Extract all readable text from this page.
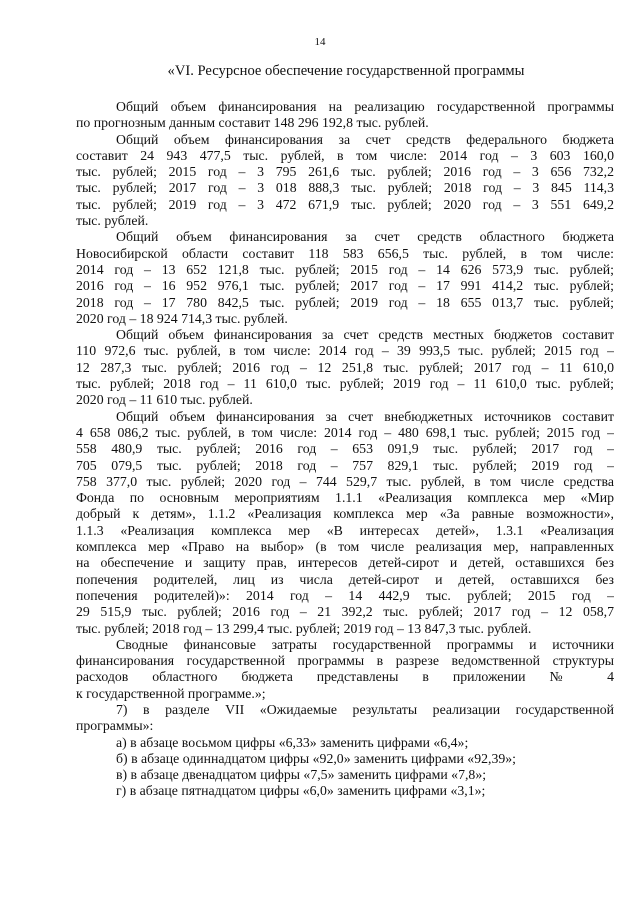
14
«VI. Ресурсное обеспечение государственной программы
Общий объем финансирования на реализацию государственной программы
по прогнозным данным составит 148 296 192,8 тыс. рублей.
Общий объем финансирования за счет средств федерального бюджета
составит 24 943 477,5 тыс. рублей, в том числе: 2014 год – 3 603 160,0
тыс. рублей; 2015 год – 3 795 261,6 тыс. рублей; 2016 год – 3 656 732,2
тыс. рублей; 2017 год – 3 018 888,3 тыс. рублей; 2018 год – 3 845 114,3
тыс. рублей; 2019 год – 3 472 671,9 тыс. рублей; 2020 год – 3 551 649,2
тыс. рублей.
Общий объем финансирования за счет средств областного бюджета
Новосибирской области составит 118 583 656,5 тыс. рублей, в том числе:
2014 год – 13 652 121,8 тыс. рублей; 2015 год – 14 626 573,9 тыс. рублей;
2016 год – 16 952 976,1 тыс. рублей; 2017 год – 17 991 414,2 тыс. рублей;
2018 год – 17 780 842,5 тыс. рублей; 2019 год – 18 655 013,7 тыс. рублей;
2020 год – 18 924 714,3 тыс. рублей.
Общий объем финансирования за счет средств местных бюджетов составит
110 972,6 тыс. рублей, в том числе: 2014 год – 39 993,5 тыс. рублей; 2015 год –
12 287,3 тыс. рублей; 2016 год – 12 251,8 тыс. рублей; 2017 год – 11 610,0
тыс. рублей; 2018 год – 11 610,0 тыс. рублей; 2019 год – 11 610,0 тыс. рублей;
2020 год – 11 610 тыс. рублей.
Общий объем финансирования за счет внебюджетных источников составит
4 658 086,2 тыс. рублей, в том числе: 2014 год – 480 698,1 тыс. рублей; 2015 год –
558 480,9 тыс. рублей; 2016 год – 653 091,9 тыс. рублей; 2017 год –
705 079,5 тыс. рублей; 2018 год – 757 829,1 тыс. рублей; 2019 год –
758 377,0 тыс. рублей; 2020 год – 744 529,7 тыс. рублей, в том числе средства
Фонда по основным мероприятиям 1.1.1 «Реализация комплекса мер «Мир
добрый к детям», 1.1.2 «Реализация комплекса мер «За равные возможности»,
1.1.3 «Реализация комплекса мер «В интересах детей», 1.3.1 «Реализация
комплекса мер «Право на выбор» (в том числе реализация мер, направленных
на обеспечение и защиту прав, интересов детей-сирот и детей, оставшихся без
попечения родителей, лиц из числа детей-сирот и детей, оставшихся без
попечения родителей)»: 2014 год – 14 442,9 тыс. рублей; 2015 год –
29 515,9 тыс. рублей; 2016 год – 21 392,2 тыс. рублей; 2017 год – 12 058,7
тыс. рублей; 2018 год – 13 299,4 тыс. рублей; 2019 год – 13 847,3 тыс. рублей.
Сводные финансовые затраты государственной программы и источники
финансирования государственной программы в разрезе ведомственной структуры
расходов областного бюджета представлены в приложении № 4
к государственной программе.»;
7) в разделе VII «Ожидаемые результаты реализации государственной
программы»:
а) в абзаце восьмом цифры «6,33» заменить цифрами «6,4»;
б) в абзаце одиннадцатом цифры «92,0» заменить цифрами «92,39»;
в) в абзаце двенадцатом цифры «7,5» заменить цифрами «7,8»;
г) в абзаце пятнадцатом цифры «6,0» заменить цифрами «3,1»;
